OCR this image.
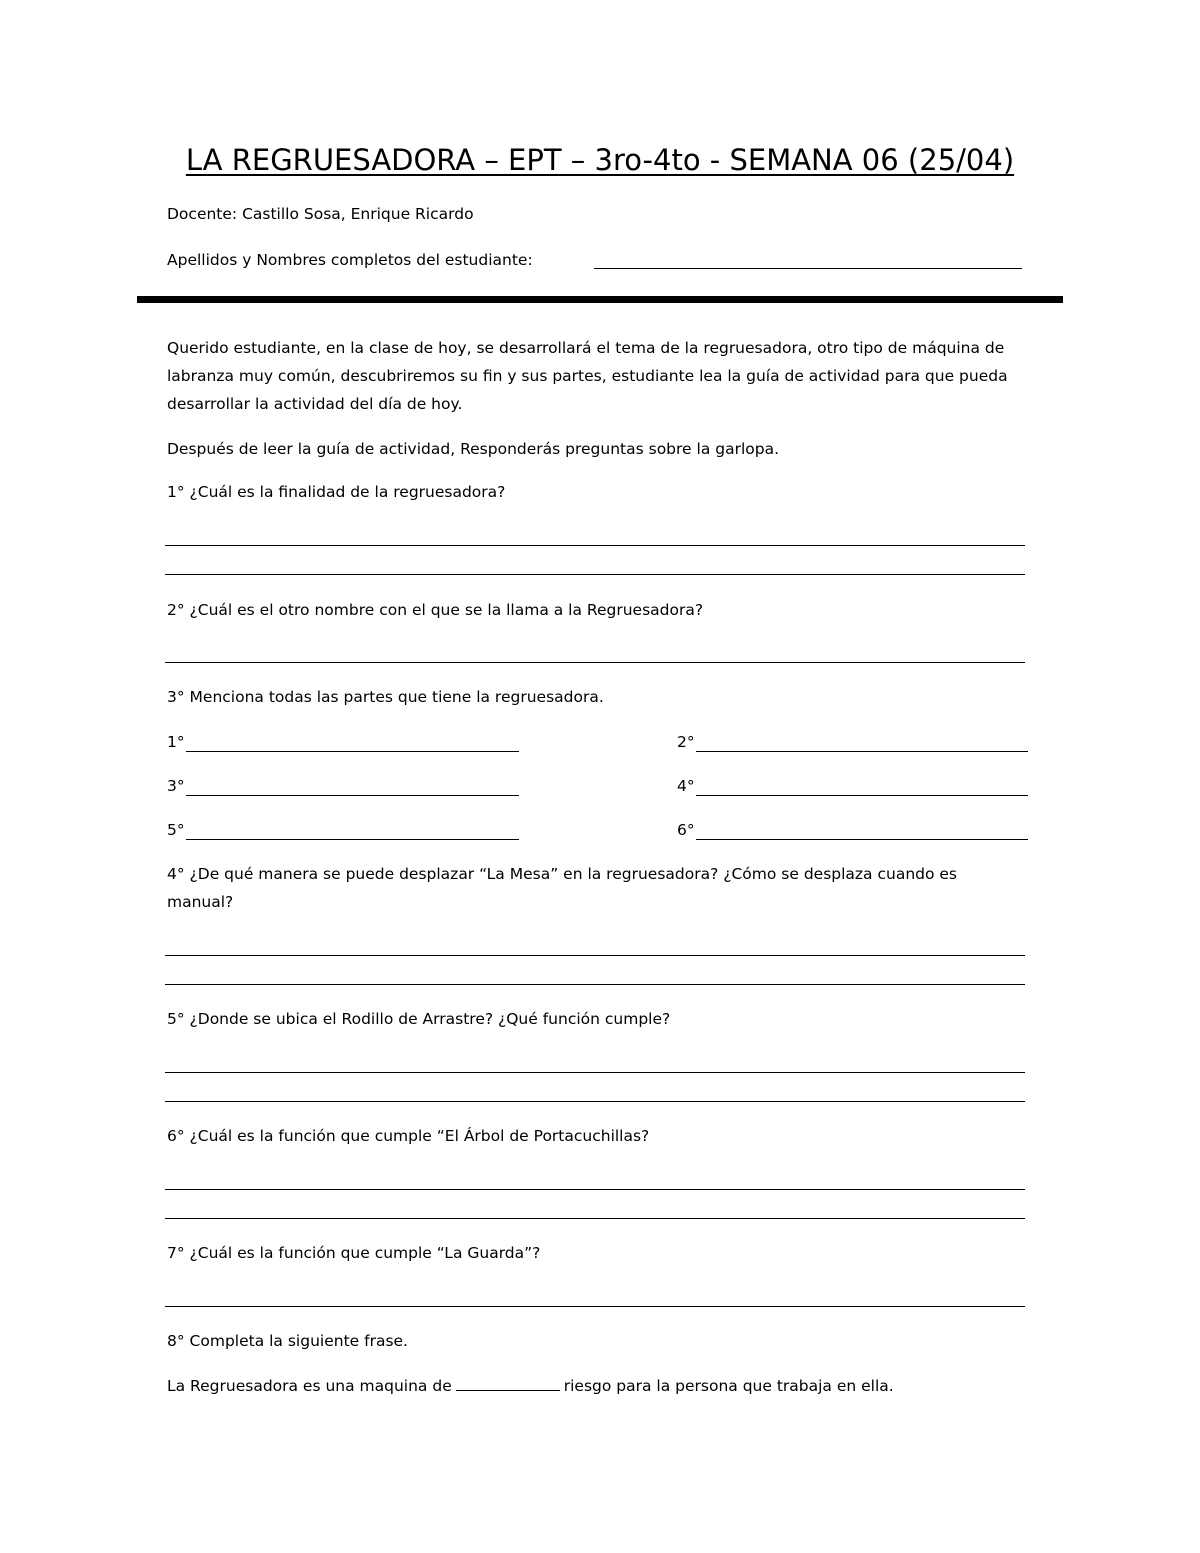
LA REGRUESADORA – EPT – 3ro-4to - SEMANA 06 (25/04)
Docente: Castillo Sosa, Enrique Ricardo
Apellidos y Nombres completos del estudiante:
Querido estudiante, en la clase de hoy, se desarrollará el tema de la regruesadora, otro tipo de máquina de labranza muy común, descubriremos su fin y sus partes, estudiante lea la guía de actividad para que pueda desarrollar la actividad del día de hoy.
Después de leer la guía de actividad, Responderás preguntas sobre la garlopa.
1° ¿Cuál es la finalidad de la regruesadora?
2° ¿Cuál es el otro nombre con el que se la llama a la Regruesadora?
3° Menciona todas las partes que tiene la regruesadora.
1°	2°
3°	4°
5°	6°
4° ¿De qué manera se puede desplazar “La Mesa” en la regruesadora? ¿Cómo se desplaza cuando es manual?
5° ¿Donde se ubica el Rodillo de Arrastre? ¿Qué función cumple?
6° ¿Cuál es la función que cumple “El Árbol de Portacuchillas?
7° ¿Cuál es la función que cumple “La Guarda”?
8° Completa la siguiente frase.
La Regruesadora es una maquina de	riesgo para la persona que trabaja en ella.
